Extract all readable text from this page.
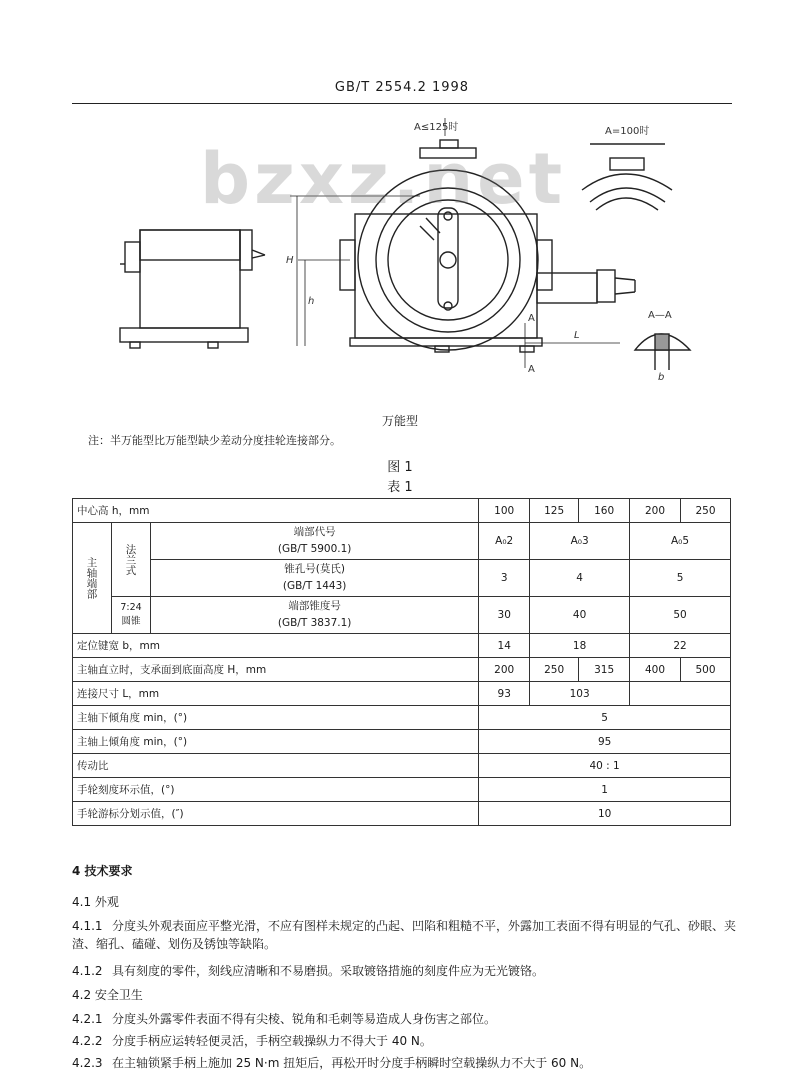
GB/T 2554.2 1998
A≤125时	A=100时
H
h
L
A
A
A—A
b
bzxz.net
万能型
注：半万能型比万能型缺少差动分度挂轮连接部分。
图 1
表 1
中心高 h，mm			100	125	160	200	250

主轴端部	法兰式	端部代号
(GB/T 5900.1)	A₀2	A₀3		A₀5	

		锥孔号(莫氏)
(GB/T 1443)	3	4		5	
	7:24 圆锥	端部锥度号
(GB/T 3837.1)	30	40		50	
定位键宽 b，mm			14	18		22	
主轴直立时，支承面到底面高度 H，mm			200	250	315	400	500
连接尺寸 L，mm			93	103			
主轴下倾角度 min，(°)			5				
主轴上倾角度 min，(°)			95				
传动比			40 : 1				
手轮刻度环示值，(°)			1				
手轮游标分划示值，(″)			10				
4 技术要求
4.1 外观
4.1.1 分度头外观表面应平整光滑，不应有图样未规定的凸起、凹陷和粗糙不平，外露加工表面不得有明显的气孔、砂眼、夹渣、缩孔、磕碰、划伤及锈蚀等缺陷。
4.1.2 具有刻度的零件，刻线应清晰和不易磨损。采取镀铬措施的刻度件应为无光镀铬。
4.2 安全卫生
4.2.1 分度头外露零件表面不得有尖棱、锐角和毛刺等易造成人身伤害之部位。
4.2.2 分度手柄应运转轻便灵活，手柄空载操纵力不得大于 40 N。
4.2.3 在主轴锁紧手柄上施加 25 N·m 扭矩后，再松开时分度手柄瞬时空载操纵力不大于 60 N。
